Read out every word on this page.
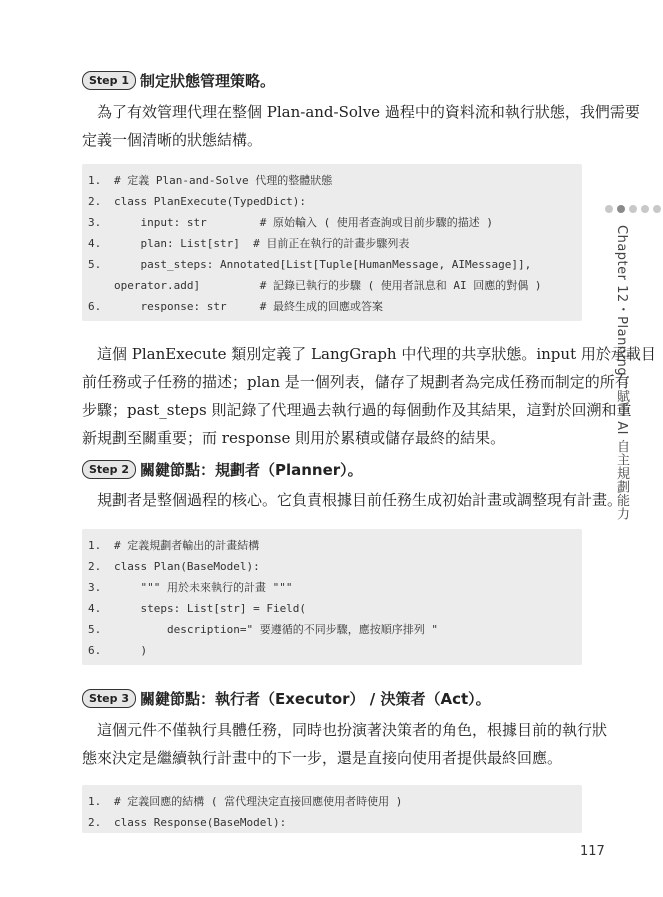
Step 1 制定狀態管理策略。

為了有效管理代理在整個 Plan-and-Solve 過程中的資料流和執行狀態，我們需要
定義一個清晰的狀態結構。

1.	# 定義 Plan-and-Solve 代理的整體狀態
2.	class PlanExecute(TypedDict):
3.	input: str        # 原始輸入 ( 使用者查詢或目前步驟的描述 )
4.	plan: List[str]  # 目前正在執行的計畫步驟列表
5.	past_steps: Annotated[List[Tuple[HumanMessage, AIMessage]],
operator.add]         # 記錄已執行的步驟 ( 使用者訊息和 AI 回應的對偶 )
6.	response: str     # 最終生成的回應或答案

這個 PlanExecute 類別定義了 LangGraph 中代理的共享狀態。input 用於承載目
前任務或子任務的描述；plan 是一個列表，儲存了規劃者為完成任務而制定的所有
步驟；past_steps 則記錄了代理過去執行過的每個動作及其結果，這對於回溯和重
新規劃至關重要；而 response 則用於累積或儲存最終的結果。

Step 2 關鍵節點：規劃者（Planner）。

規劃者是整個過程的核心。它負責根據目前任務生成初始計畫或調整現有計畫。

1.	# 定義規劃者輸出的計畫結構
2.	class Plan(BaseModel):
3.	""" 用於未來執行的計畫 """
4.	steps: List[str] = Field(
5.	description=" 要遵循的不同步驟，應按順序排列 "
6.	)
Step 3 關鍵節點：執行者（Executor） / 決策者（Act）。

這個元件不僅執行具體任務，同時也扮演著決策者的角色，根據目前的執行狀
態來決定是繼續執行計畫中的下一步，還是直接向使用者提供最終回應。

1.	# 定義回應的結構 ( 當代理決定直接回應使用者時使用 )
2.	class Response(BaseModel):
Chapter 12・Planning：賦予 AI 自主規劃能力
117
